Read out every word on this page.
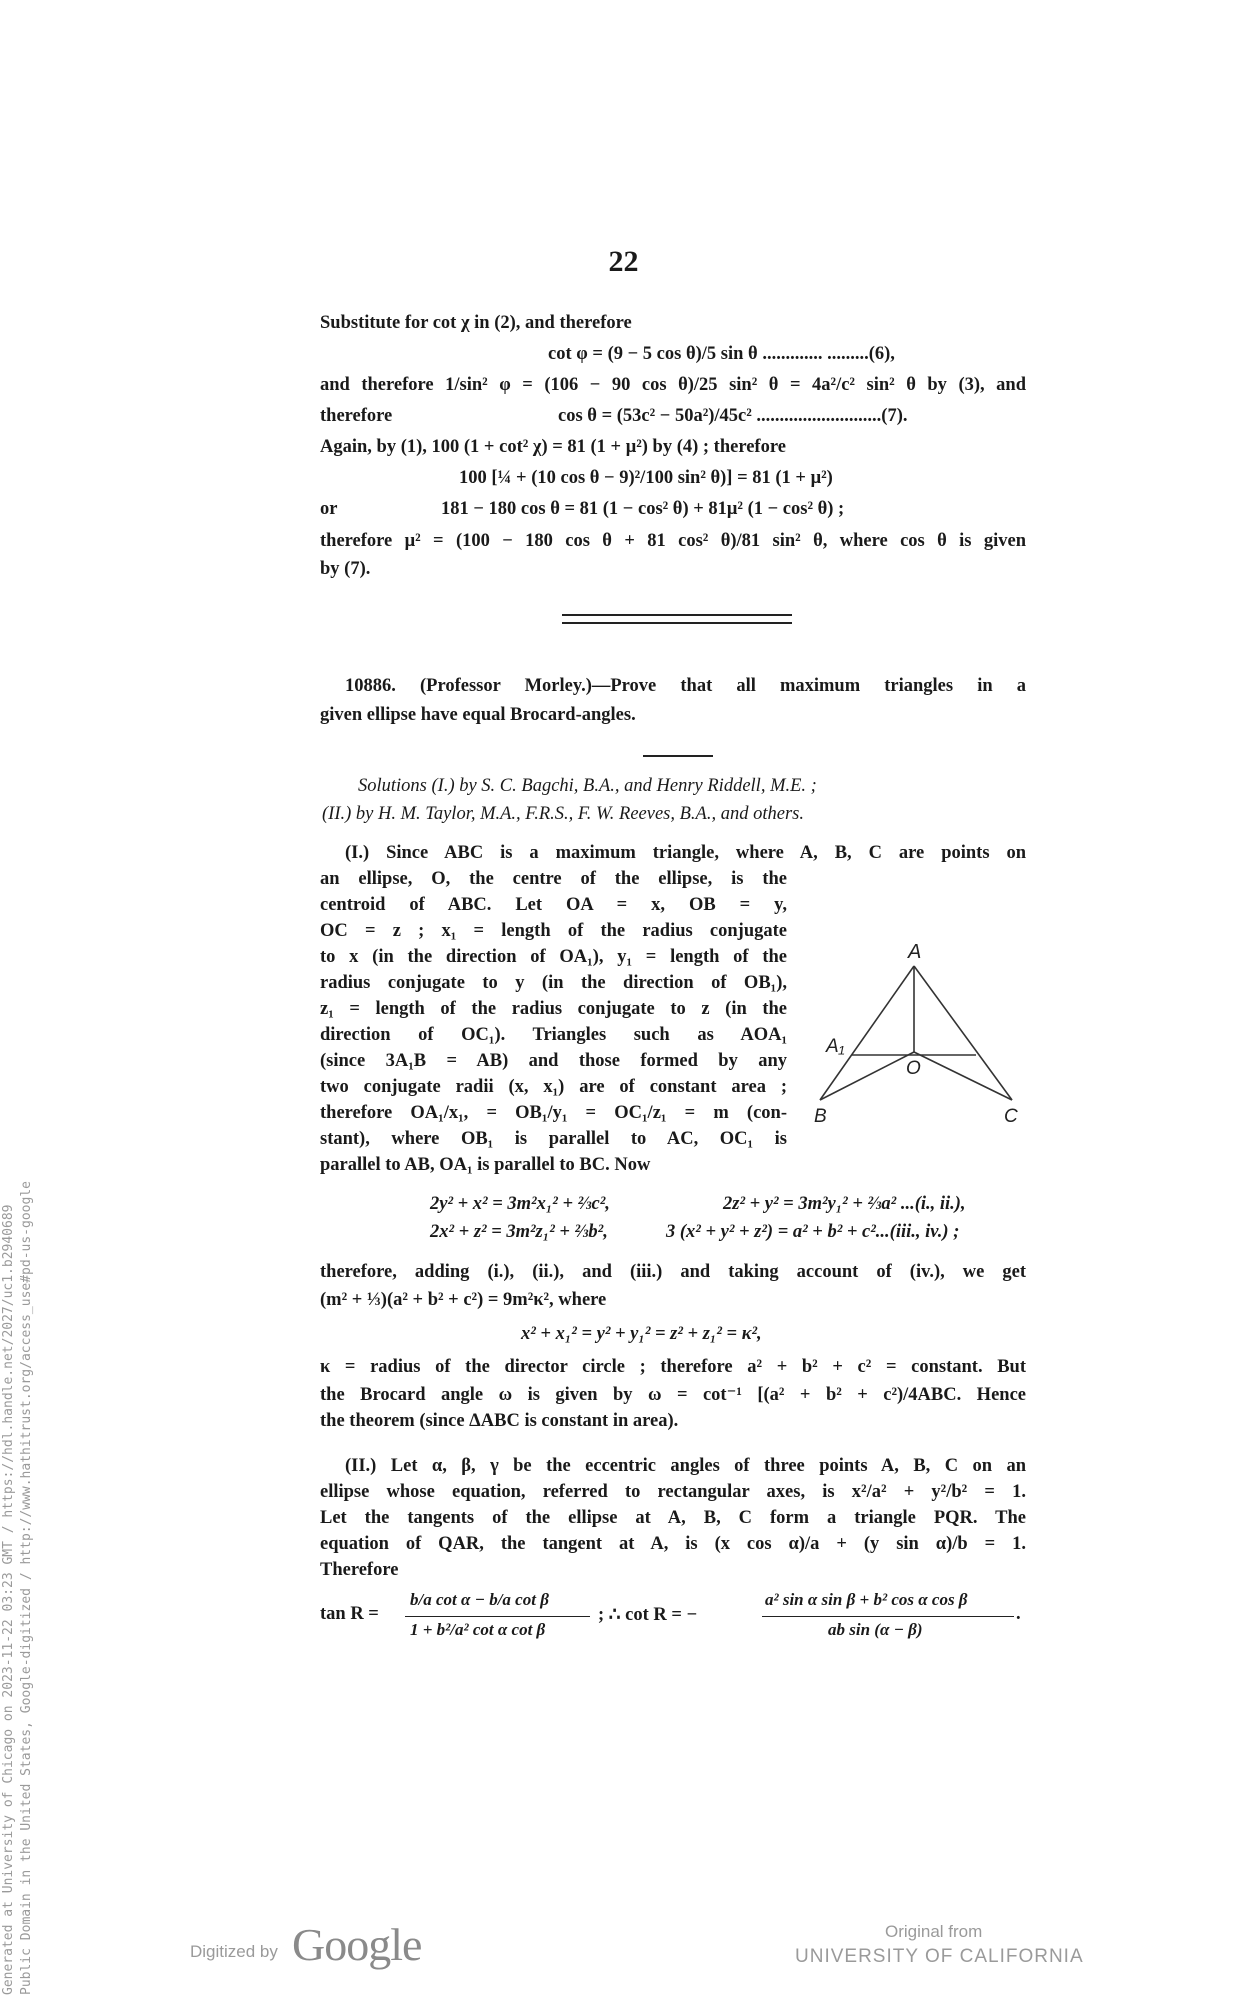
22
Substitute for cot χ in (2), and therefore
cot φ = (9 − 5 cos θ)/5 sin θ ............. .........(6),
and therefore 1/sin² φ = (106 − 90 cos θ)/25 sin² θ = 4a²/c² sin² θ by (3), and
therefore	cos θ = (53c² − 50a²)/45c² ...........................(7).
Again, by (1), 100 (1 + cot² χ) = 81 (1 + μ²) by (4) ; therefore
100 [¼ + (10 cos θ − 9)²/100 sin² θ)] = 81 (1 + μ²)
or	181 − 180 cos θ = 81 (1 − cos² θ) + 81μ² (1 − cos² θ) ;
therefore μ² = (100 − 180 cos θ + 81 cos² θ)/81 sin² θ, where cos θ is given
by (7).
10886. (Professor Morley.)—Prove that all maximum triangles in a
given ellipse have equal Brocard-angles.
Solutions (I.) by S. C. Bagchi, B.A., and Henry Riddell, M.E. ;
(II.) by H. M. Taylor, M.A., F.R.S., F. W. Reeves, B.A., and others.
(I.) Since ABC is a maximum triangle, where A, B, C are points on
an ellipse, O, the centre of the ellipse, is the
centroid of ABC. Let OA = x, OB = y,
OC = z ; x₁ = length of the radius conjugate
to x (in the direction of OA₁), y₁ = length of the
radius conjugate to y (in the direction of OB₁),
z₁ = length of the radius conjugate to z (in the
direction of OC₁). Triangles such as AOA₁
(since 3A₁B = AB) and those formed by any
two conjugate radii (x, x₁) are of constant area ;
therefore OA₁/x₁, = OB₁/y₁ = OC₁/z₁ = m (con-
stant), where OB₁ is parallel to AC, OC₁ is
parallel to AB, OA₁ is parallel to BC. Now
A
A₁
O
B	C
2y² + x² = 3m²x₁² + ⅔c²,	2z² + y² = 3m²y₁² + ⅔a² ...(i., ii.),
2x² + z² = 3m²z₁² + ⅔b²,	3 (x² + y² + z²) = a² + b² + c²...(iii., iv.) ;
therefore, adding (i.), (ii.), and (iii.) and taking account of (iv.), we get
(m² + ⅓)(a² + b² + c²) = 9m²κ², where
x² + x₁² = y² + y₁² = z² + z₁² = κ²,
κ = radius of the director circle ; therefore a² + b² + c² = constant. But
the Brocard angle ω is given by ω = cot⁻¹ [(a² + b² + c²)/4ABC. Hence
the theorem (since ΔABC is constant in area).
(II.) Let α, β, γ be the eccentric angles of three points A, B, C on an
ellipse whose equation, referred to rectangular axes, is x²/a² + y²/b² = 1.
Let the tangents of the ellipse at A, B, C form a triangle PQR. The
equation of QAR, the tangent at A, is (x cos α)/a + (y sin α)/b = 1.
Therefore
tan R =
b/a cot α − b/a cot β
1 + b²/a² cot α cot β
; ∴ cot R = −
a² sin α sin β + b² cos α cos β
ab sin (α − β)
.
Generated at University of Chicago on 2023-11-22 03:23 GMT / https://hdl.handle.net/2027/uc1.b2940689 Public Domain in the United States, Google-digitized / http://www.hathitrust.org/access_use#pd-us-google	Digitized by Google	Original from
UNIVERSITY OF CALIFORNIA
